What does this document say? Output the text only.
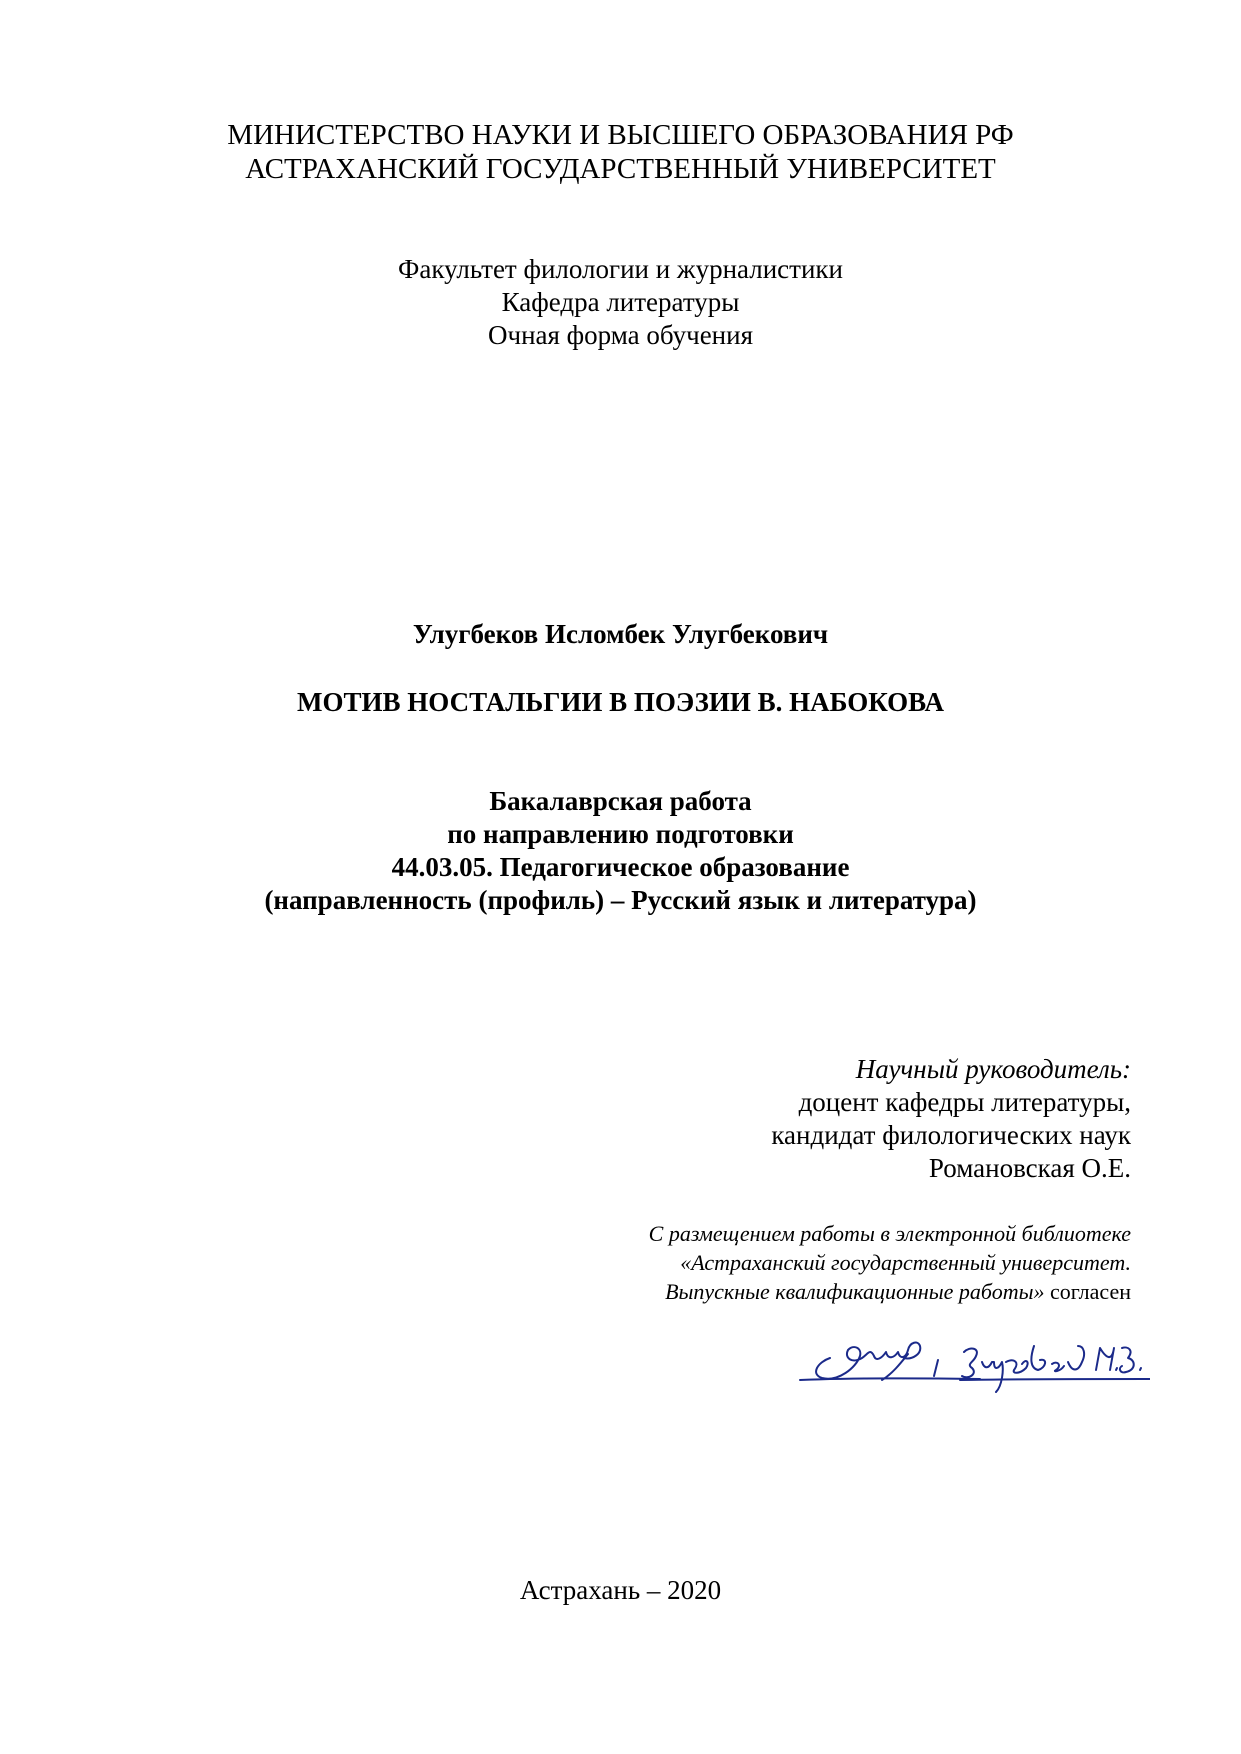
МИНИСТЕРСТВО НАУКИ И ВЫСШЕГО ОБРАЗОВАНИЯ РФ
АСТРАХАНСКИЙ ГОСУДАРСТВЕННЫЙ УНИВЕРСИТЕТ
Факультет филологии и журналистики
Кафедра литературы
Очная форма обучения
Улугбеков Исломбек Улугбекович
МОТИВ НОСТАЛЬГИИ В ПОЭЗИИ В. НАБОКОВА
Бакалаврская работа
по направлению подготовки
44.03.05. Педагогическое образование
(направленность (профиль) – Русский язык и литература)
Научный руководитель:
доцент кафедры литературы,
кандидат филологических наук
Романовская О.Е.
С размещением работы в электронной библиотеке
«Астраханский государственный университет.
Выпускные квалификационные работы» согласен
Астрахань – 2020
